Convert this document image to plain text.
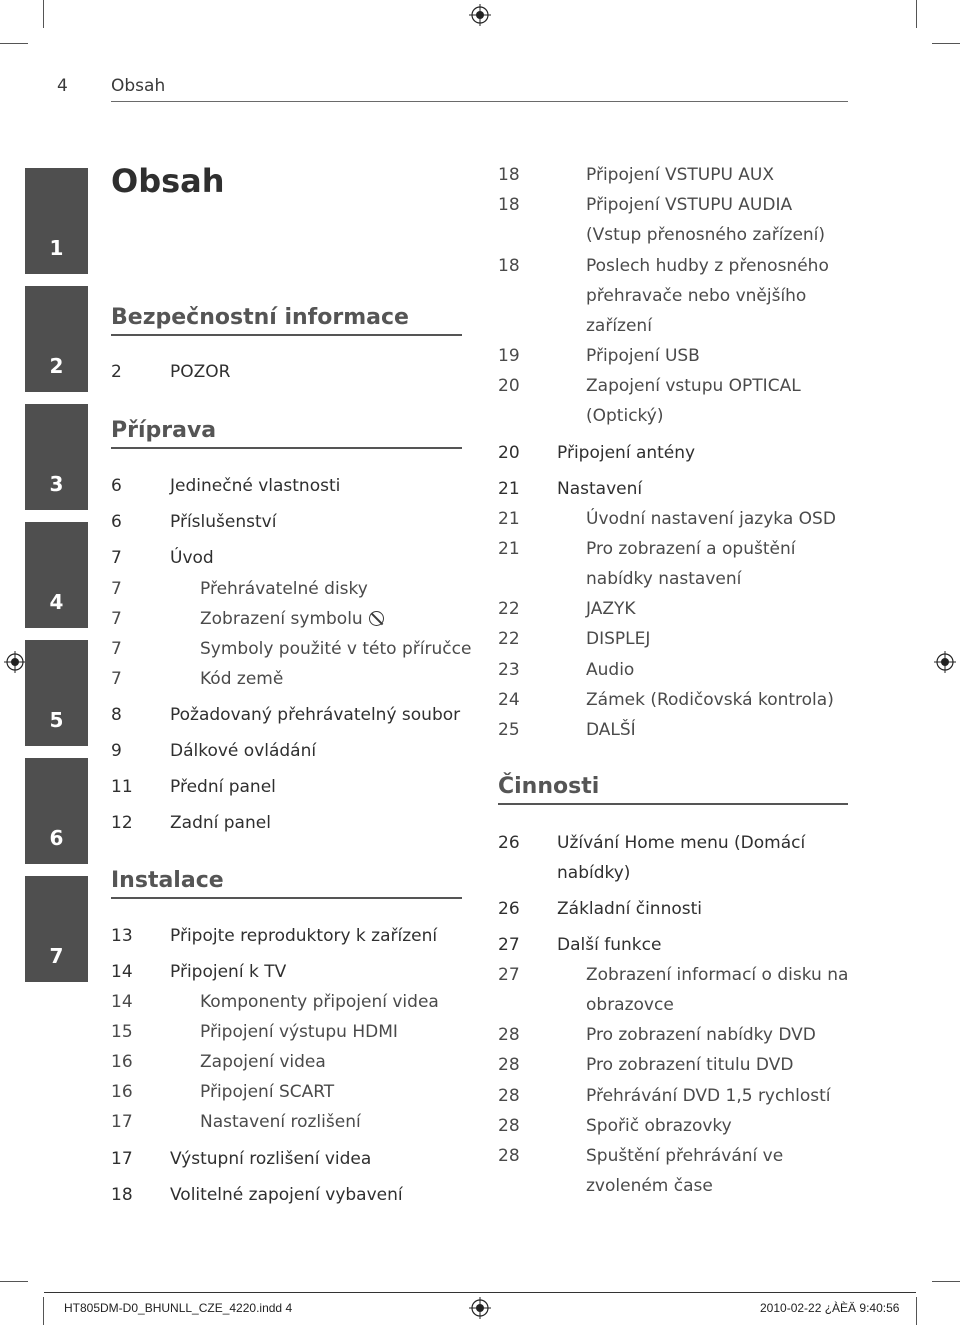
HT805DM-D0_BHUNLL_CZE_4220.indd 4	2010-02-22 ¿ÀÈÄ 9:40:56
4	Obsah
1
2
3
4
5
6
7
Obsah
Bezpečnostní informace
2	POZOR
Příprava
6	Jedinečné vlastnosti
6	Příslušenství
7	Úvod
7	Přehrávatelné disky
7	Zobrazení symbolu
7	Symboly použité v této příručce
7	Kód země
8	Požadovaný přehrávatelný soubor
9	Dálkové ovládání
11 Přední panel
12 Zadní panel
Instalace
13 Připojte reproduktory k zařízení
14 Připojení k TV
14	Komponenty připojení videa
15	Připojení výstupu HDMI
16	Zapojení videa
16	Připojení SCART
17	Nastavení rozlišení
17 Výstupní rozlišení videa
18 Volitelné zapojení vybavení
18	Připojení VSTUPU AUX
18	Připojení VSTUPU AUDIA
(Vstup přenosného zařízení)
18	Poslech hudby z přenosného
přehravače nebo vnějšího
zařízení
19	Připojení USB
20	Zapojení vstupu OPTICAL
(Optický)
20 Připojení antény
21 Nastavení
21	Úvodní nastavení jazyka OSD
21	Pro zobrazení a opuštění
nabídky nastavení
22	JAZYK
22	DISPLEJ
23	Audio
24	Zámek (Rodičovská kontrola)
25	DALŠÍ
Činnosti
26 Užívání Home menu (Domácí
nabídky)
26 Základní činnosti
27 Další funkce
27	Zobrazení informací o disku na
obrazovce
28	Pro zobrazení nabídky DVD
28	Pro zobrazení titulu DVD
28	Přehrávání DVD 1,5 rychlostí
28	Spořič obrazovky
28	Spuštění přehrávání ve
zvoleném čase
